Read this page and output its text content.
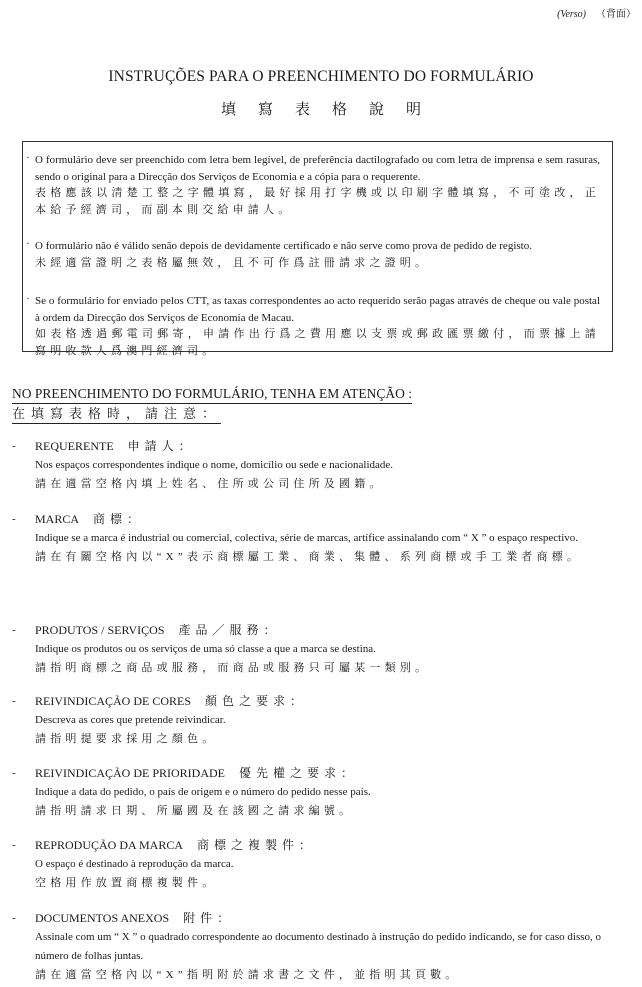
(Verso) （背面）
INSTRUÇÕES PARA O PREENCHIMENTO DO FORMULÁRIO
填寫表格說明
· O formulário deve ser preenchido com letra bem legível, de preferência dactilografado ou com letra de imprensa e sem rasuras, sendo o original para a Direcção dos Serviços de Economia e a cópia para o requerente.
表格應該以清楚工整之字體填寫，最好採用打字機或以印刷字體填寫，不可塗改，正本給予經濟司，而副本則交給申請人。
· O formulário não é válido senão depois de devidamente certificado e não serve como prova de pedido de registo.
未經適當證明之表格屬無效，且不可作爲註冊請求之證明。
· Se o formulário for enviado pelos CTT, as taxas correspondentes ao acto requerido serão pagas através de cheque ou vale postal à ordem da Direcção dos Serviços de Economia de Macau.
如表格透過郵電司郵寄，申請作出行爲之費用應以支票或郵政匯票繳付，而票據上請寫明收款人爲澳門經濟司。
NO PREENCHIMENTO DO FORMULÁRIO, TENHA EM ATENÇÃO :
在填寫表格時，請注意：
- REQUERENTE 申請人：
Nos espaços correspondentes indique o nome, domicílio ou sede e nacionalidade.
請在適當空格內填上姓名、住所或公司住所及國籍。
- MARCA 商標：
Indique se a marca é industrial ou comercial, colectiva, série de marcas, artífice assinalando com “ X ” o espaço respectivo.
請在有關空格內以“X”表示商標屬工業、商業、集體、系列商標或手工業者商標。
- PRODUTOS / SERVIÇOS 產品／服務：
Indique os produtos ou os serviços de uma só classe a que a marca se destina.
請指明商標之商品或服務，而商品或服務只可屬某一類別。
- REIVINDICAÇÃO DE CORES 顏色之要求：
Descreva as cores que pretende reivindicar.
請指明提要求採用之顏色。
- REIVINDICAÇÃO DE PRIORIDADE 優先權之要求：
Indique a data do pedido, o país de origem e o número do pedido nesse país.
請指明請求日期、所屬國及在該國之請求編號。
- REPRODUÇÃO DA MARCA 商標之複製件：
O espaço é destinado à reprodução da marca.
空格用作放置商標複製件。
- DOCUMENTOS ANEXOS 附件：
Assinale com um “ X ” o quadrado correspondente ao documento destinado à instrução do pedido indicando, se for caso disso, o número de folhas juntas.
請在適當空格內以“X”指明附於請求書之文件，並指明其頁數。
